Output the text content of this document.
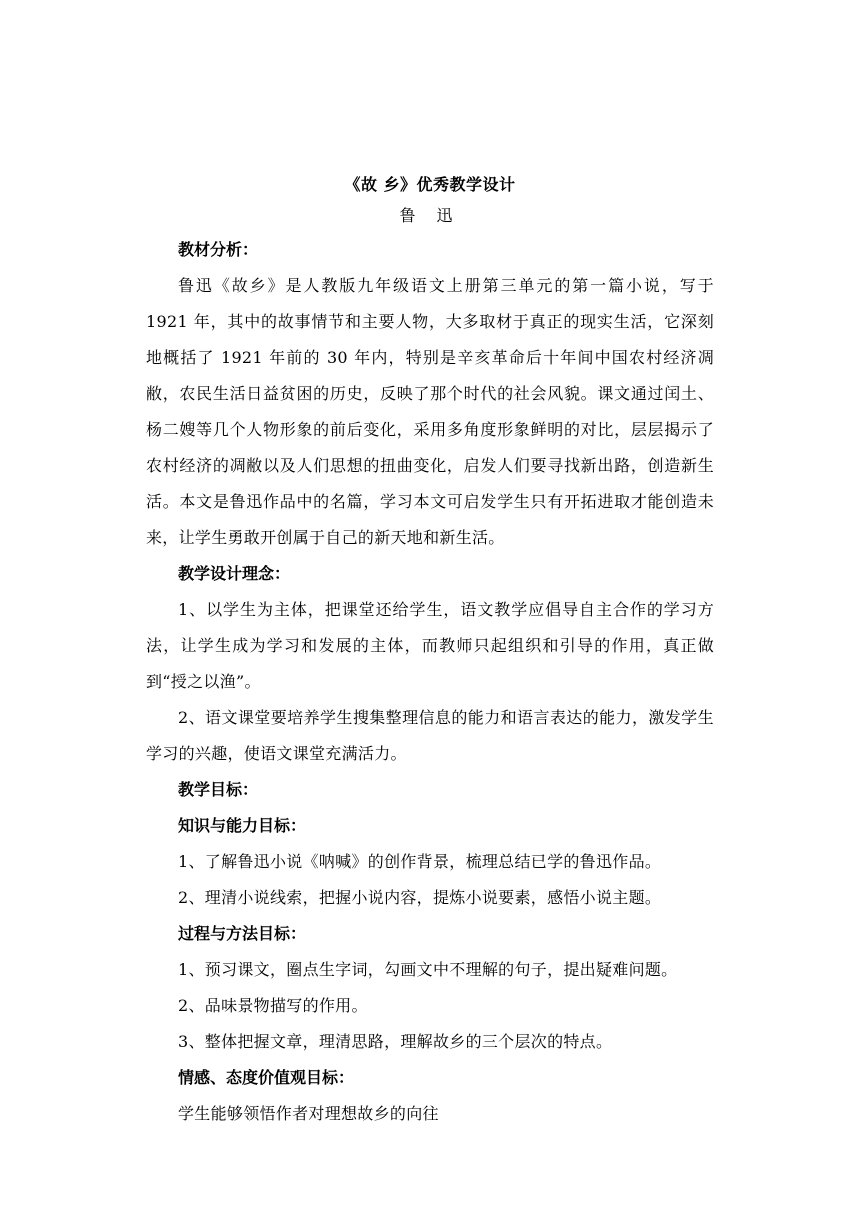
《故 乡》优秀教学设计
鲁 迅
教材分析：

鲁迅《故乡》是人教版九年级语文上册第三单元的第一篇小说，写于 1921 年，其中的故事情节和主要人物，大多取材于真正的现实生活，它深刻地概括了 1921 年前的 30 年内，特别是辛亥革命后十年间中国农村经济凋敝，农民生活日益贫困的历史，反映了那个时代的社会风貌。课文通过闰土、杨二嫂等几个人物形象的前后变化，采用多角度形象鲜明的对比，层层揭示了农村经济的凋敝以及人们思想的扭曲变化，启发人们要寻找新出路，创造新生活。本文是鲁迅作品中的名篇，学习本文可启发学生只有开拓进取才能创造未来，让学生勇敢开创属于自己的新天地和新生活。

教学设计理念：

1、以学生为主体，把课堂还给学生，语文教学应倡导自主合作的学习方法，让学生成为学习和发展的主体，而教师只起组织和引导的作用，真正做到“授之以渔”。

2、语文课堂要培养学生搜集整理信息的能力和语言表达的能力，激发学生学习的兴趣，使语文课堂充满活力。

教学目标：
知识与能力目标：
1、了解鲁迅小说《呐喊》的创作背景，梳理总结已学的鲁迅作品。
2、理清小说线索，把握小说内容，提炼小说要素，感悟小说主题。
过程与方法目标：
1、预习课文，圈点生字词，勾画文中不理解的句子，提出疑难问题。
2、品味景物描写的作用。
3、整体把握文章，理清思路，理解故乡的三个层次的特点。
情感、态度价值观目标：
学生能够领悟作者对理想故乡的向往
